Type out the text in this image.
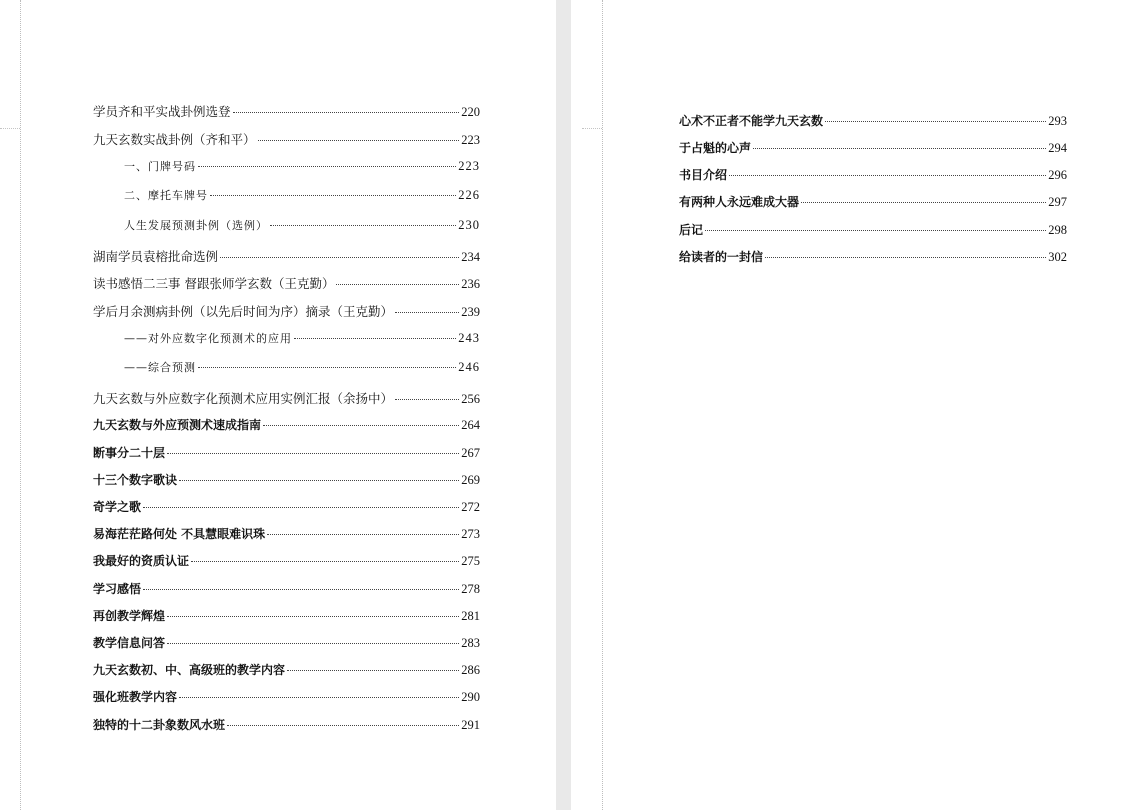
学员齐和平实战卦例选登	220
九天玄数实战卦例（齐和平）	223
一、门牌号码	223
二、摩托车牌号	226
人生发展预测卦例（选例）	230
湖南学员袁榕批命选例	234
读书感悟二三事 督跟张师学玄数（王克勤）	236
学后月余测病卦例（以先后时间为序）摘录（王克勤）	239
——对外应数字化预测术的应用	243
——综合预测	246
九天玄数与外应数字化预测术应用实例汇报（余扬中）	256
九天玄数与外应预测术速成指南	264
断事分二十层	267
十三个数字歌诀	269
奇学之歌	272
易海茫茫路何处 不具慧眼难识珠	273
我最好的资质认证	275
学习感悟	278
再创教学辉煌	281
教学信息问答	283
九天玄数初、中、高级班的教学内容	286
强化班教学内容	290
独特的十二卦象数风水班	291
心术不正者不能学九天玄数	293
于占魁的心声	294
书目介绍	296
有两种人永远难成大器	297
后记	298
给读者的一封信	302
